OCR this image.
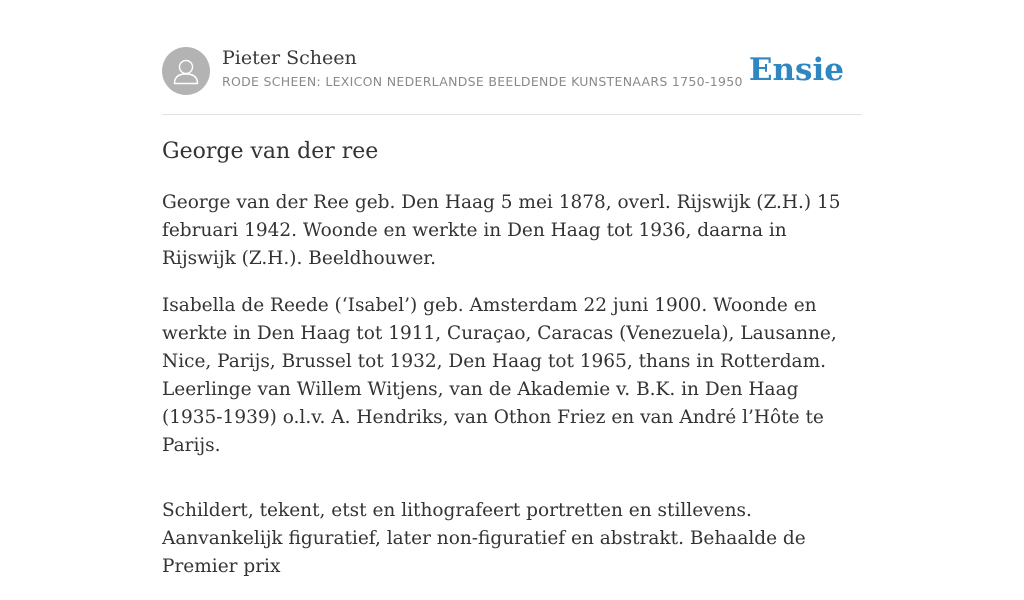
Pieter Scheen
RODE SCHEEN: LEXICON NEDERLANDSE BEELDENDE KUNSTENAARS 1750-1950 Ensie
George van der ree

George van der Ree geb. Den Haag 5 mei 1878, overl. Rijswijk (Z.H.) 15 februari 1942. Woonde en werkte in Den Haag tot 1936, daarna in Rijswijk (Z.H.). Beeldhouwer.

Isabella de Reede (‘Isabel’) geb. Amsterdam 22 juni 1900. Woonde en werkte in Den Haag tot 1911, Curaçao, Caracas (Venezuela), Lausanne, Nice, Parijs, Brussel tot 1932, Den Haag tot 1965, thans in Rotterdam. Leerlinge van Willem Witjens, van de Akademie v. B.K. in Den Haag (1935-1939) o.l.v. A. Hendriks, van Othon Friez en van André l’Hôte te Parijs.

Schildert, tekent, etst en lithografeert portretten en stillevens. Aanvankelijk figuratief, later non-figuratief en abstrakt. Behaalde de Premier prix
